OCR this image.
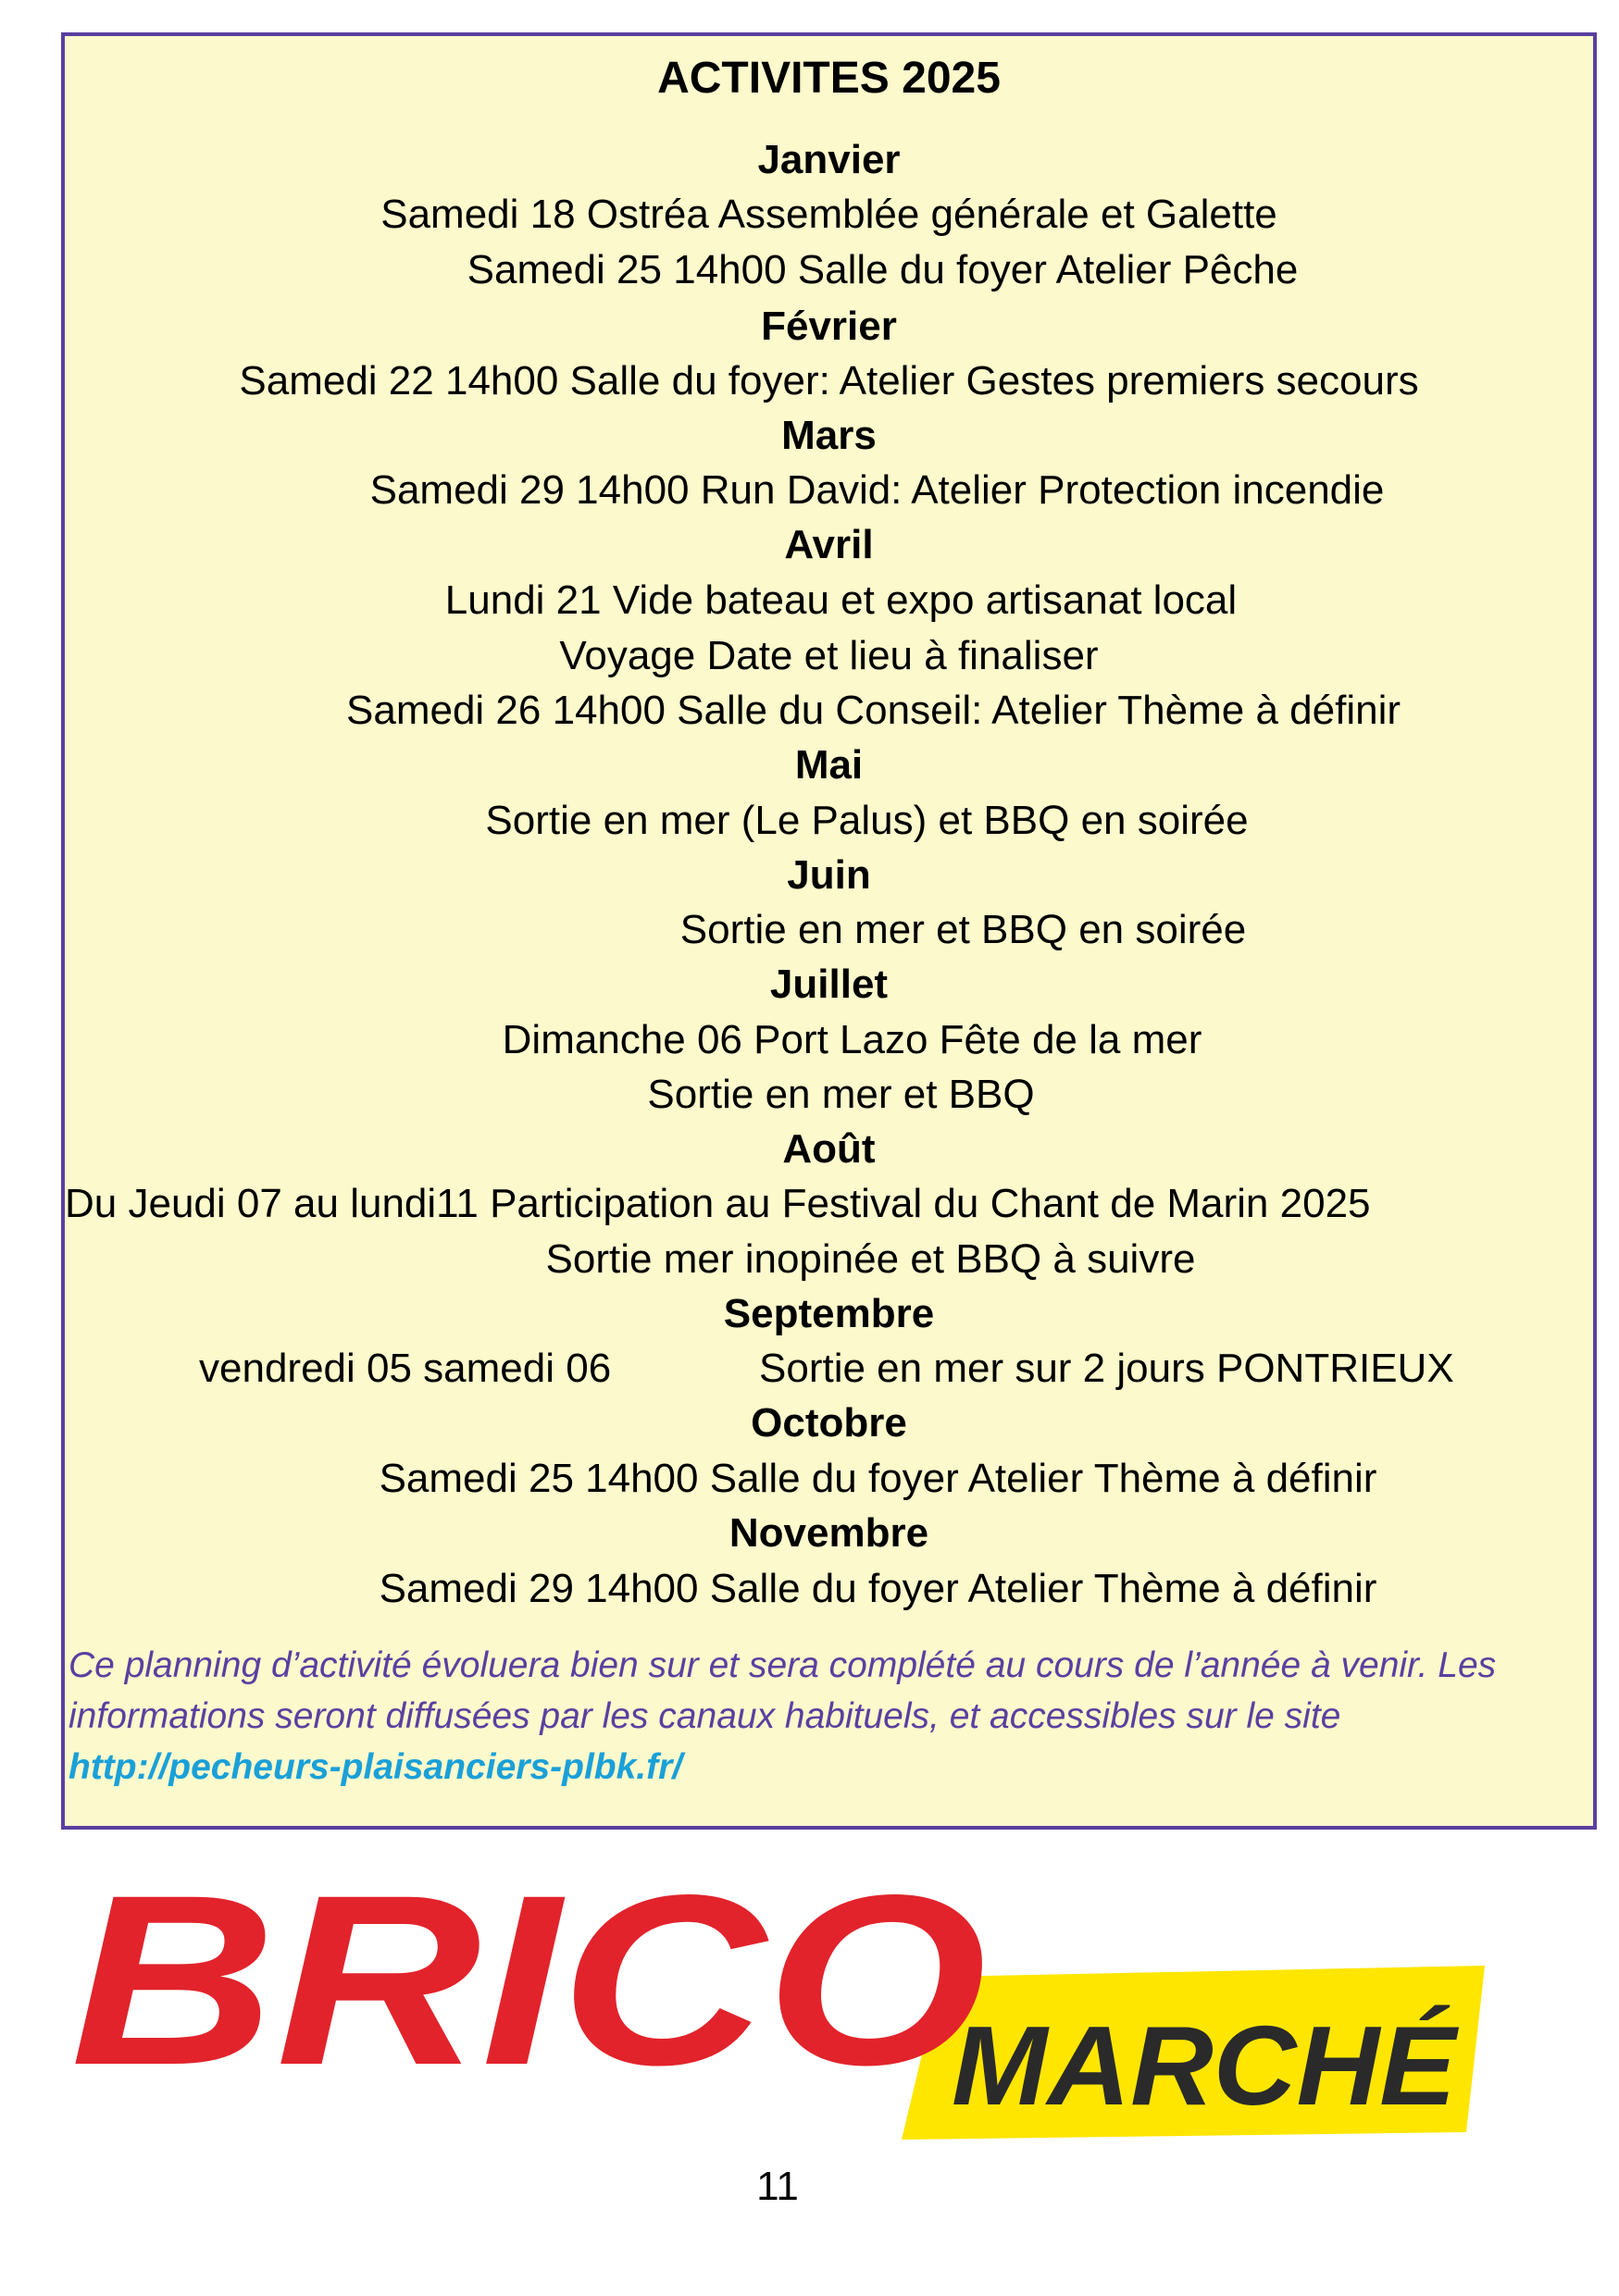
ACTIVITES 2025
Janvier
Samedi 18 Ostréa Assemblée générale et Galette
Samedi 25 14h00 Salle du foyer Atelier Pêche
Février
Samedi 22 14h00 Salle du foyer: Atelier Gestes premiers secours
Mars
Samedi 29 14h00 Run David: Atelier Protection incendie
Avril
Lundi 21 Vide bateau et expo artisanat local
Voyage Date et lieu à finaliser
Samedi 26 14h00 Salle du Conseil: Atelier Thème à définir
Mai
Sortie en mer (Le Palus) et BBQ en soirée
Juin
Sortie en mer et BBQ en soirée
Juillet
Dimanche 06 Port Lazo Fête de la mer
Sortie en mer et BBQ
Août
Du Jeudi 07 au lundi11 Participation au Festival du Chant de Marin 2025
Sortie mer inopinée et BBQ à suivre
Septembre
vendredi 05 samedi 06	Sortie en mer sur 2 jours PONTRIEUX
Octobre
Samedi 25 14h00 Salle du foyer Atelier Thème à définir
Novembre
Samedi 29 14h00 Salle du foyer Atelier Thème à définir
Ce planning d’activité évoluera bien sur et sera complété au cours de l’année à venir. Les informations seront diffusées par les canaux habituels, et accessibles sur le site http://pecheurs-plaisanciers-plbk.fr/
BRICO
MARCHÉ
11
